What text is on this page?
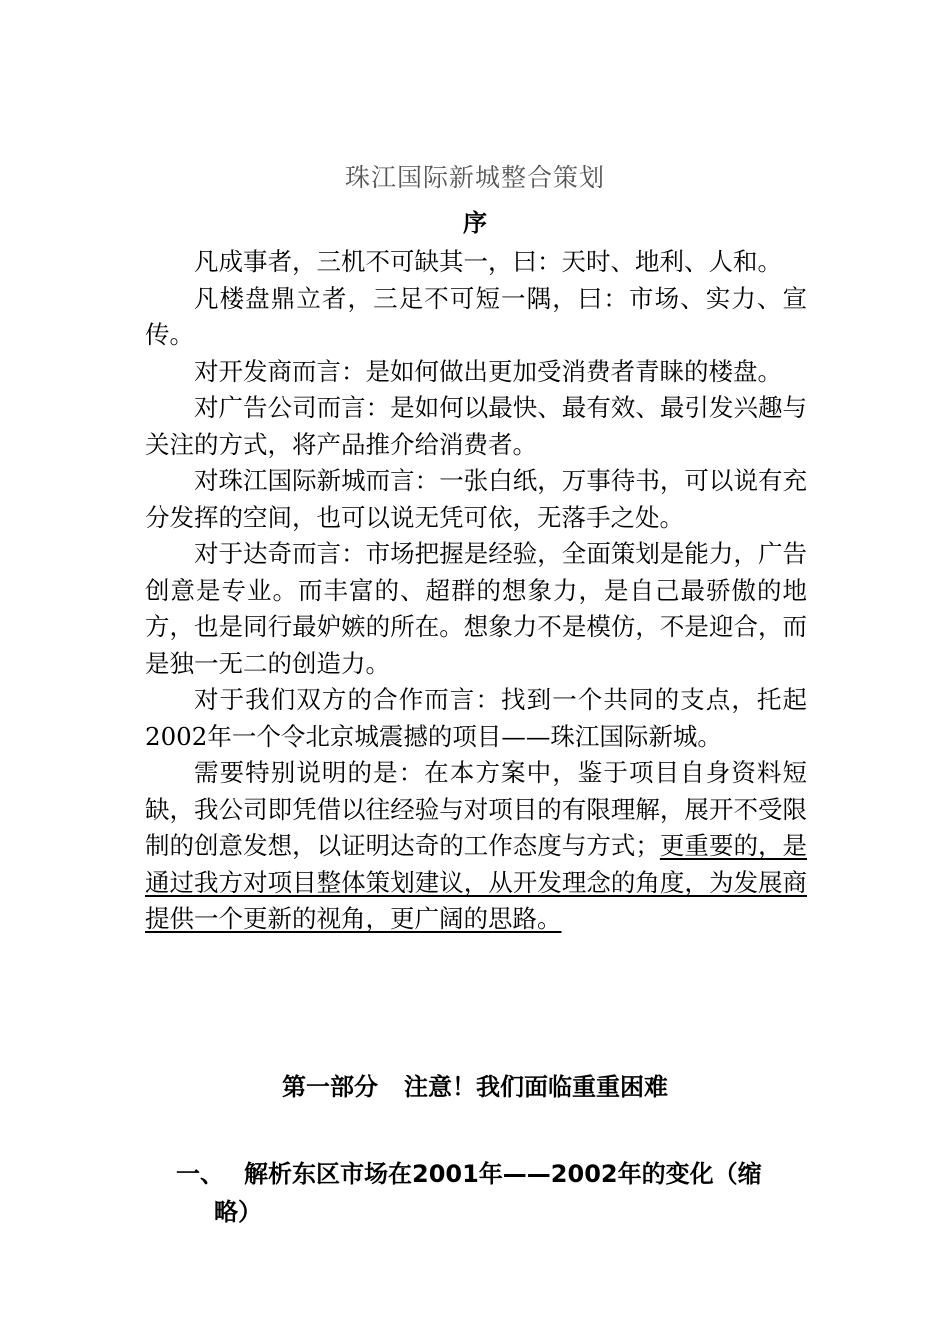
珠江国际新城整合策划
序

凡成事者，三机不可缺其一，曰：天时、地利、人和。

凡楼盘鼎立者，三足不可短一隅，曰：市场、实力、宣传。

对开发商而言：是如何做出更加受消费者青睐的楼盘。

对广告公司而言：是如何以最快、最有效、最引发兴趣与关注的方式，将产品推介给消费者。

对珠江国际新城而言：一张白纸，万事待书，可以说有充分发挥的空间，也可以说无凭可依，无落手之处。

对于达奇而言：市场把握是经验，全面策划是能力，广告创意是专业。而丰富的、超群的想象力，是自己最骄傲的地方，也是同行最妒嫉的所在。想象力不是模仿，不是迎合，而是独一无二的创造力。

对于我们双方的合作而言：找到一个共同的支点，托起2002年一个令北京城震撼的项目——珠江国际新城。

需要特别说明的是：在本方案中，鉴于项目自身资料短缺，我公司即凭借以往经验与对项目的有限理解，展开不受限制的创意发想，以证明达奇的工作态度与方式；更重要的，是通过我方对项目整体策划建议，从开发理念的角度，为发展商提供一个更新的视角，更广阔的思路。

第一部分 注意！我们面临重重困难
一、 解析东区市场在2001年——2002年的变化（缩
略）
